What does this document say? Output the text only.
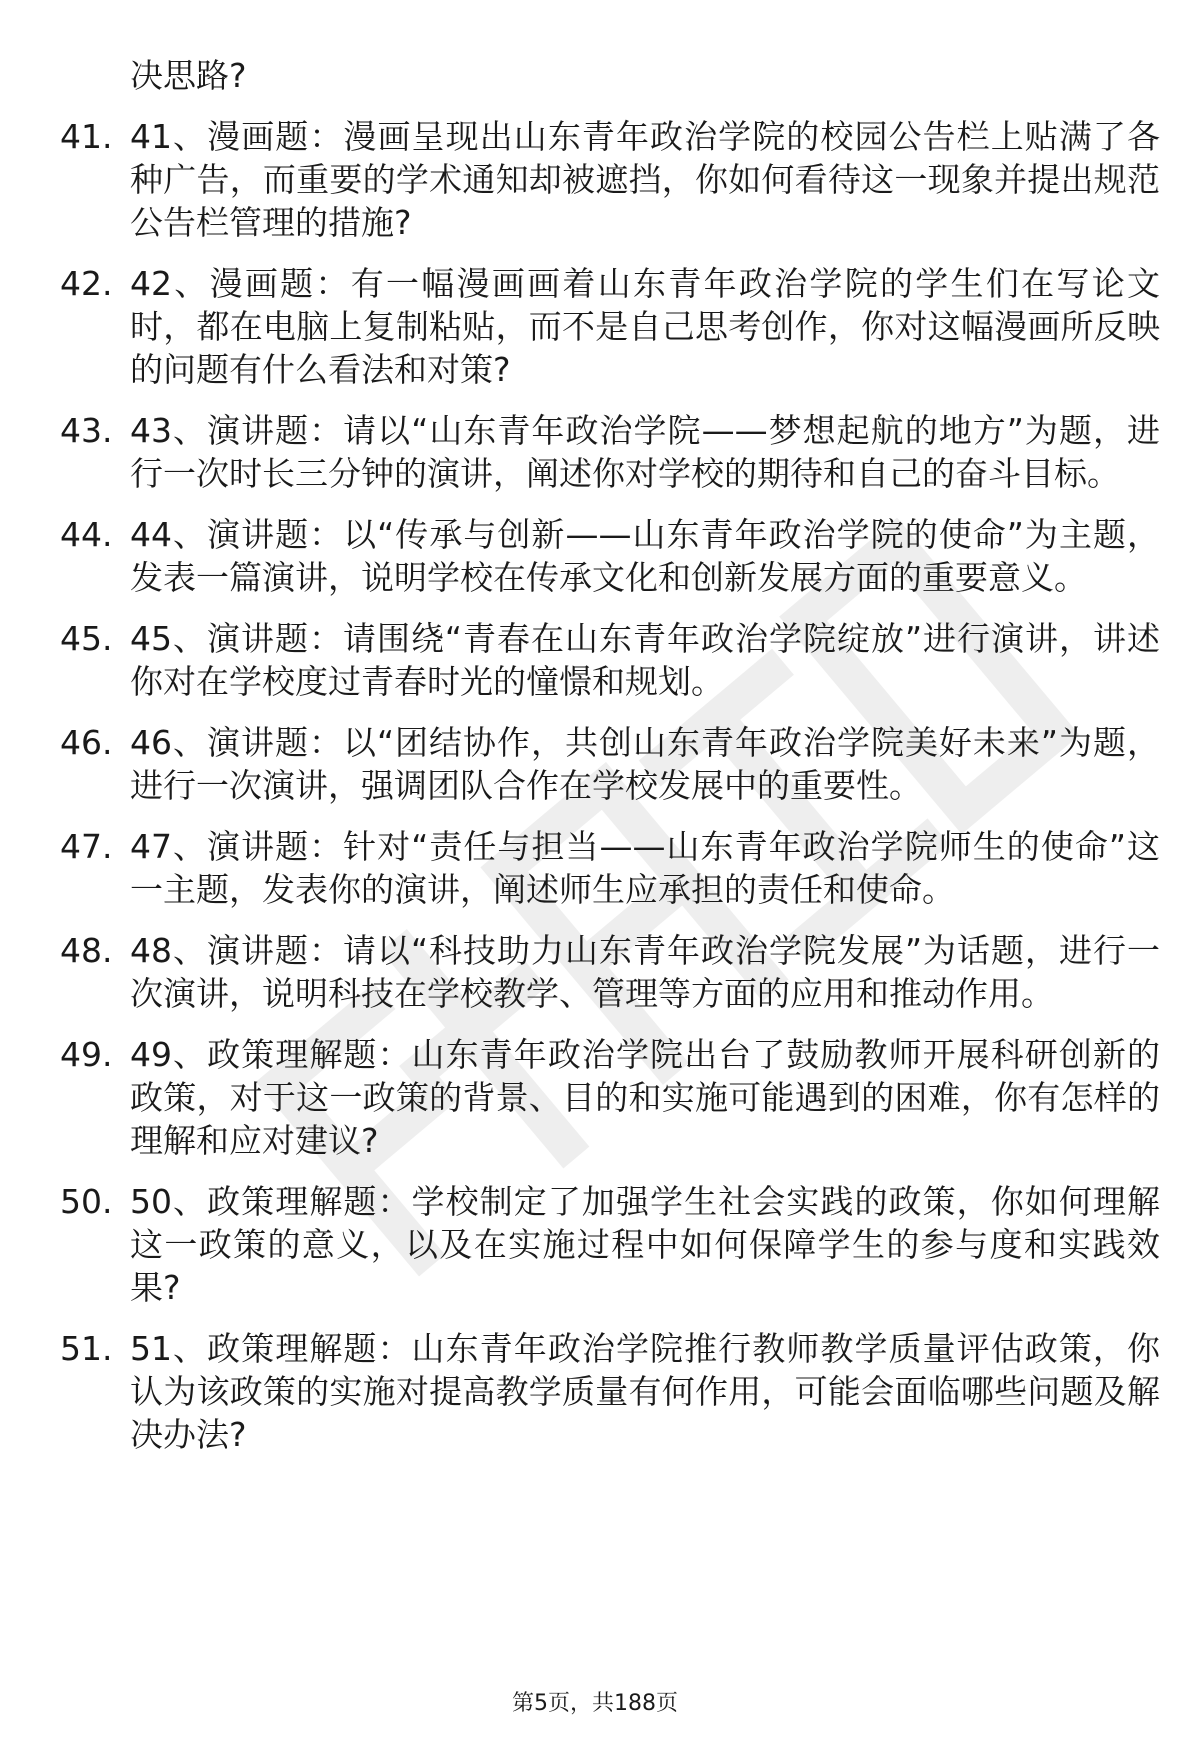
决思路?
41. 41、漫画题：漫画呈现出山东青年政治学院的校园公告栏上贴满了各种广告，而重要的学术通知却被遮挡，你如何看待这一现象并提出规范公告栏管理的措施?
42. 42、漫画题：有一幅漫画画着山东青年政治学院的学生们在写论文时，都在电脑上复制粘贴，而不是自己思考创作，你对这幅漫画所反映的问题有什么看法和对策?
43. 43、演讲题：请以“山东青年政治学院——梦想起航的地方”为题，进行一次时长三分钟的演讲，阐述你对学校的期待和自己的奋斗目标。
44. 44、演讲题：以“传承与创新——山东青年政治学院的使命”为主题，发表一篇演讲，说明学校在传承文化和创新发展方面的重要意义。
45. 45、演讲题：请围绕“青春在山东青年政治学院绽放”进行演讲，讲述你对在学校度过青春时光的憧憬和规划。
46. 46、演讲题：以“团结协作，共创山东青年政治学院美好未来”为题，进行一次演讲，强调团队合作在学校发展中的重要性。
47. 47、演讲题：针对“责任与担当——山东青年政治学院师生的使命”这一主题，发表你的演讲，阐述师生应承担的责任和使命。
48. 48、演讲题：请以“科技助力山东青年政治学院发展”为话题，进行一次演讲，说明科技在学校教学、管理等方面的应用和推动作用。
49. 49、政策理解题：山东青年政治学院出台了鼓励教师开展科研创新的政策，对于这一政策的背景、目的和实施可能遇到的困难，你有怎样的理解和应对建议?
50. 50、政策理解题：学校制定了加强学生社会实践的政策，你如何理解这一政策的意义，以及在实施过程中如何保障学生的参与度和实践效果?
51. 51、政策理解题：山东青年政治学院推行教师教学质量评估政策，你认为该政策的实施对提高教学质量有何作用，可能会面临哪些问题及解决办法?
第5页，共188页
